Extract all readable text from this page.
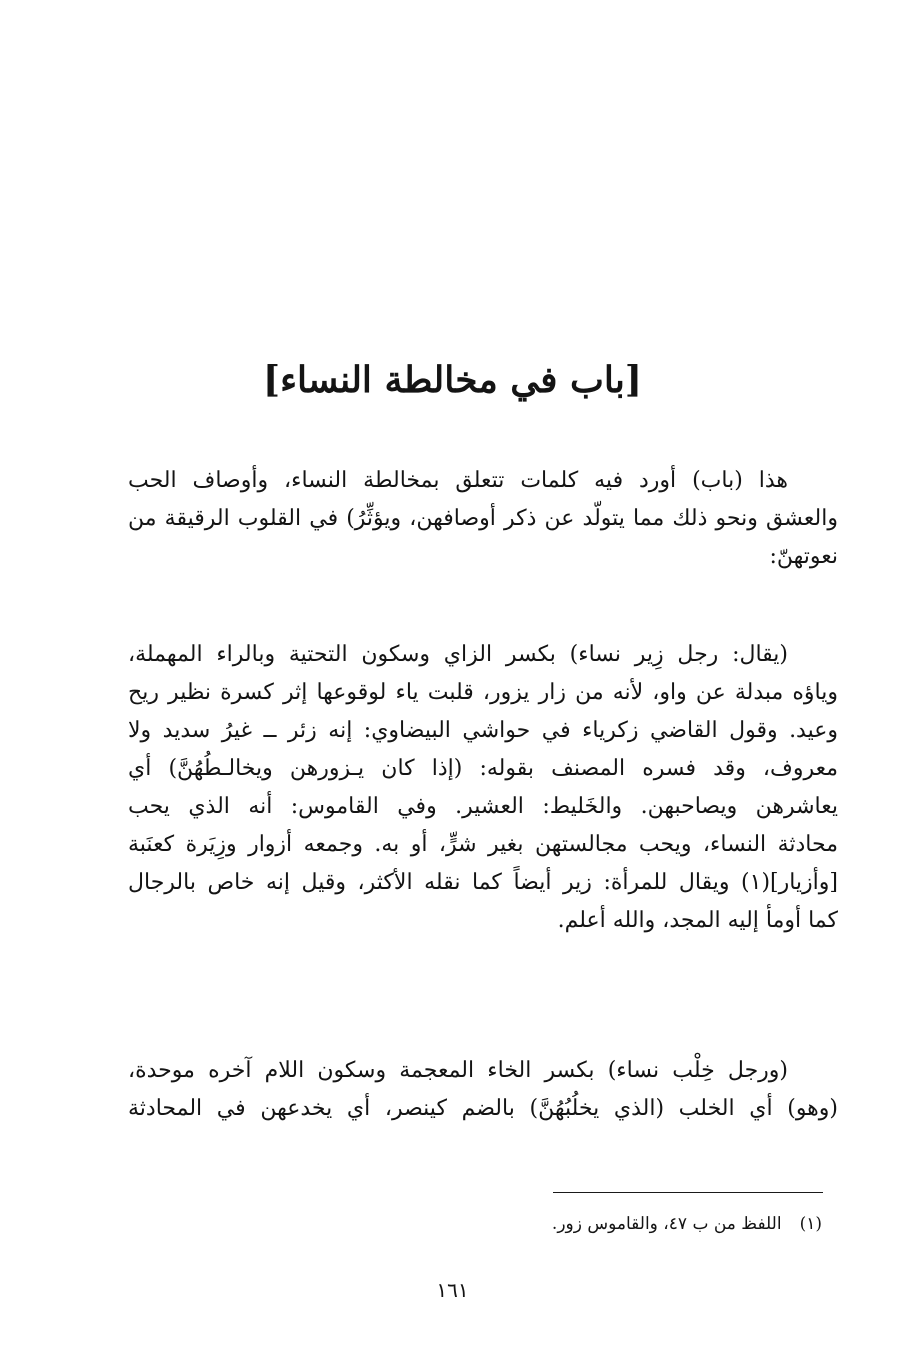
[باب في مخالطة النساء]
هذا (باب) أورد فيه كلمات تتعلق بمخالطة النساء، وأوصاف الحب
والعشق ونحو ذلك مما يتولّد عن ذكر أوصافهن، ويؤثِّرُ) في القلوب الرقيقة من
نعوتهنّ:
(يقال: رجل زِير نساء) بكسر الزاي وسكون التحتية وبالراء المهملة،
وياؤه مبدلة عن واو، لأنه من زار يزور، قلبت ياء لوقوعها إثر كسرة نظير ريح
وعيد. وقول القاضي زكرياء في حواشي البيضاوي: إنه زئر ــ غيرُ سديد ولا
معروف، وقد فسره المصنف بقوله: (إذا كان يـزورهن ويخالـطُهُنَّ) أي
يعاشرهن ويصاحبهن. والخَليط: العشير. وفي القاموس: أنه الذي يحب
محادثة النساء، ويحب مجالستهن بغير شرٍّ، أو به. وجمعه أزوار وزِيَرة كعنَبة
[وأزيار](١) ويقال للمرأة: زير أيضاً كما نقله الأكثر، وقيل إنه خاص بالرجال
كما أومأ إليه المجد، والله أعلم.
(ورجل خِلْب نساء) بكسر الخاء المعجمة وسكون اللام آخره موحدة،
(وهو) أي الخلب (الذي يخلُبُهُنَّ) بالضم كينصر، أي يخدعهن في المحادثة

(١)اللفظ من ب ٤٧، والقاموس زور.

١٦١
